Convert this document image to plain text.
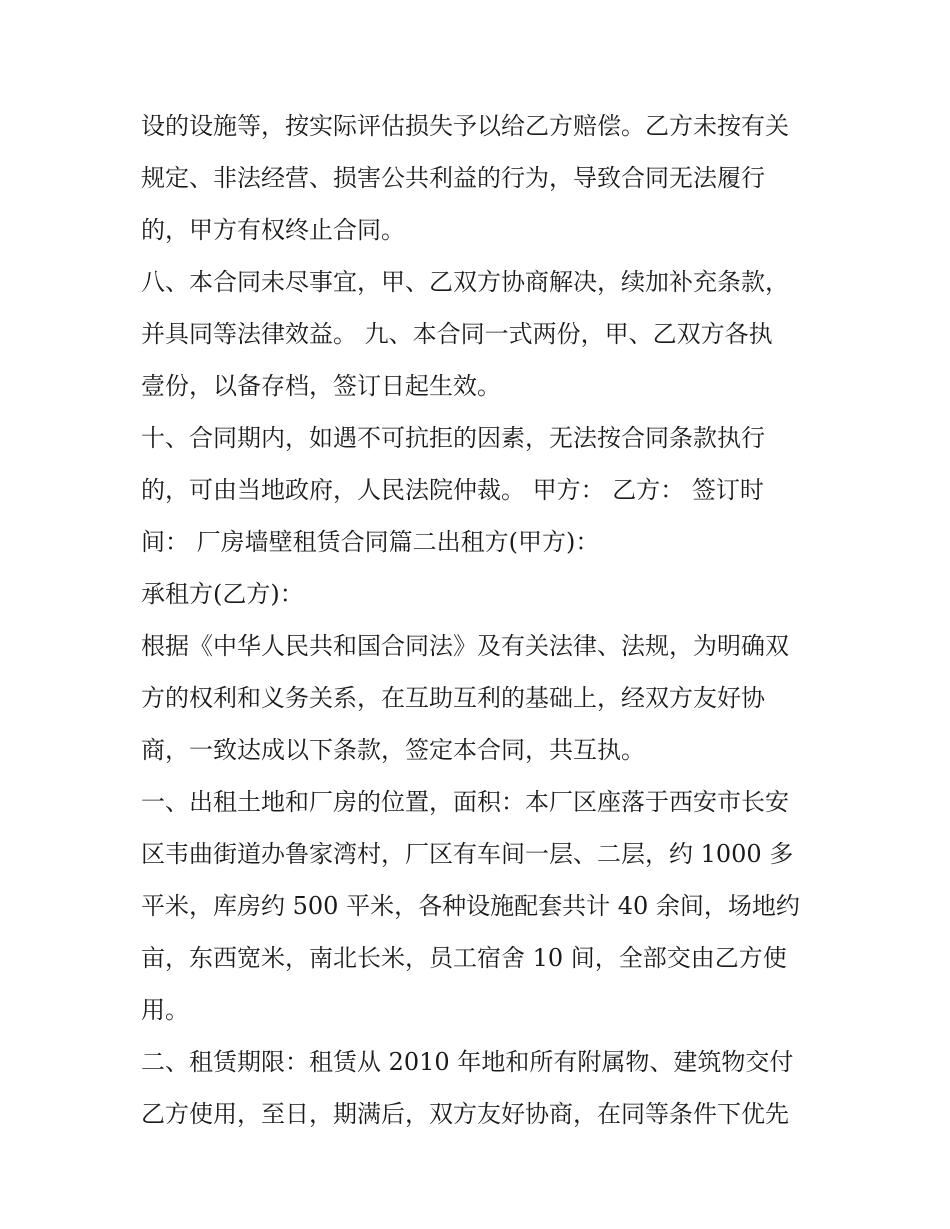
设的设施等，按实际评估损失予以给乙方赔偿。乙方未按有关
规定、非法经营、损害公共利益的行为，导致合同无法履行
的，甲方有权终止合同。
八、本合同未尽事宜，甲、乙双方协商解决，续加补充条款，
并具同等法律效益。 九、本合同一式两份，甲、乙双方各执
壹份，以备存档，签订日起生效。
十、合同期内，如遇不可抗拒的因素，无法按合同条款执行
的，可由当地政府，人民法院仲裁。 甲方： 乙方： 签订时
间： 厂房墙壁租赁合同篇二出租方(甲方)：
承租方(乙方)：
根据《中华人民共和国合同法》及有关法律、法规，为明确双
方的权利和义务关系，在互助互利的基础上，经双方友好协
商，一致达成以下条款，签定本合同，共互执。
一、出租土地和厂房的位置，面积：本厂区座落于西安市长安
区韦曲街道办鲁家湾村，厂区有车间一层、二层，约 1000 多
平米，库房约 500 平米，各种设施配套共计 40 余间，场地约
亩，东西宽米，南北长米，员工宿舍 10 间，全部交由乙方使
用。
二、租赁期限：租赁从 2010 年地和所有附属物、建筑物交付
乙方使用，至日，期满后，双方友好协商，在同等条件下优先
